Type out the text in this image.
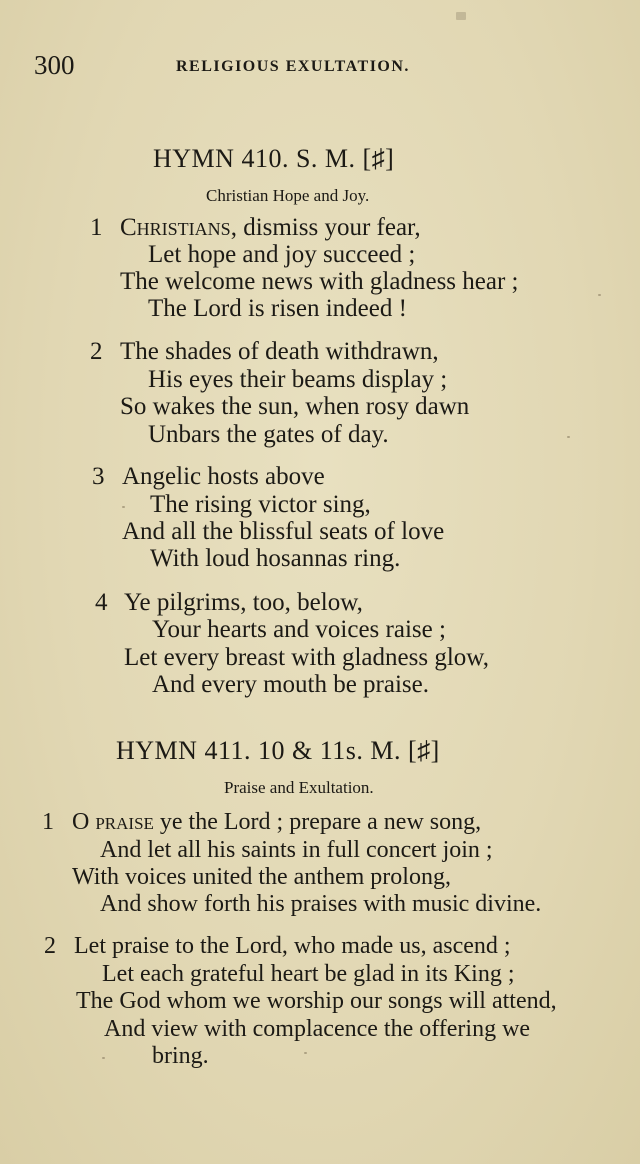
300	RELIGIOUS EXULTATION.
HYMN 410. S. M. [♯]
Christian Hope and Joy.
1 Christians, dismiss your fear,
Let hope and joy succeed ;
The welcome news with gladness hear ;
The Lord is risen indeed !
2 The shades of death withdrawn,
His eyes their beams display ;
So wakes the sun, when rosy dawn
Unbars the gates of day.
3 Angelic hosts above
The rising victor sing,
And all the blissful seats of love
With loud hosannas ring.
4 Ye pilgrims, too, below,
Your hearts and voices raise ;
Let every breast with gladness glow,
And every mouth be praise.
HYMN 411. 10 & 11s. M. [♯]
Praise and Exultation.
1 O praise ye the Lord ; prepare a new song,
And let all his saints in full concert join ;
With voices united the anthem prolong,
And show forth his praises with music divine.
2 Let praise to the Lord, who made us, ascend ;
Let each grateful heart be glad in its King ;
The God whom we worship our songs will attend,
And view with complacence the offering we
bring.
